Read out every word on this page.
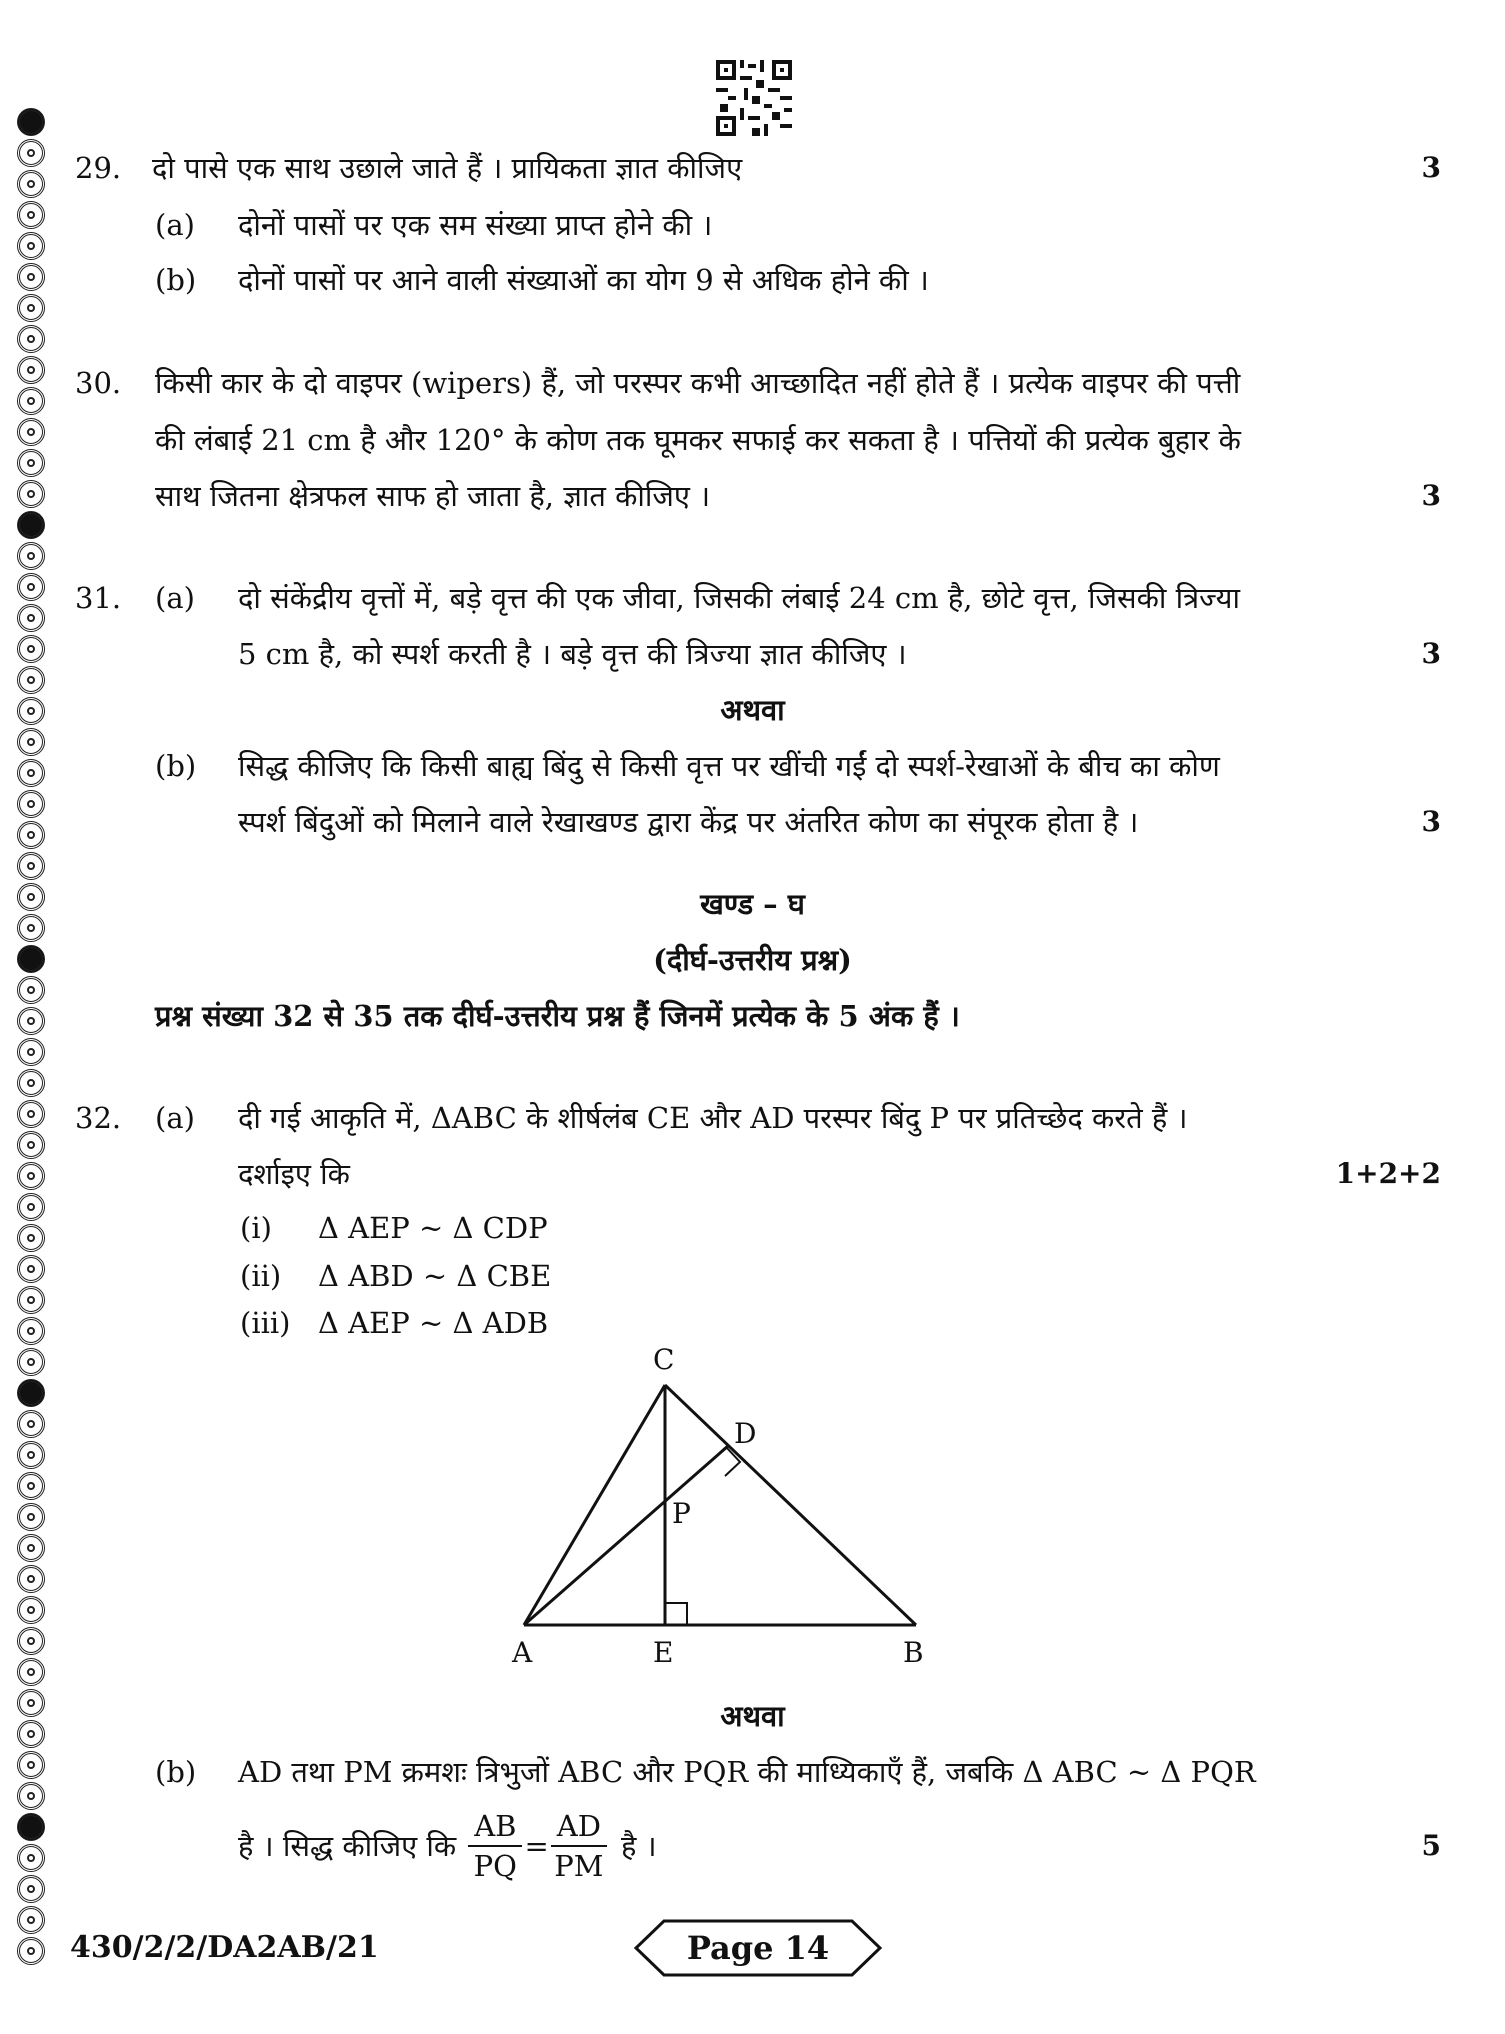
29. दो पासे एक साथ उछाले जाते हैं । प्रायिकता ज्ञात कीजिए	3
(a) दोनों पासों पर एक सम संख्या प्राप्त होने की ।
(b) दोनों पासों पर आने वाली संख्याओं का योग 9 से अधिक होने की ।
30. किसी कार के दो वाइपर (wipers) हैं, जो परस्पर कभी आच्छादित नहीं होते हैं । प्रत्येक वाइपर की पत्ती
की लंबाई 21 cm है और 120° के कोण तक घूमकर सफाई कर सकता है । पत्तियों की प्रत्येक बुहार के
साथ जितना क्षेत्रफल साफ हो जाता है, ज्ञात कीजिए ।	3
31. (a) दो संकेंद्रीय वृत्तों में, बड़े वृत्त की एक जीवा, जिसकी लंबाई 24 cm है, छोटे वृत्त, जिसकी त्रिज्या
5 cm है, को स्पर्श करती है । बड़े वृत्त की त्रिज्या ज्ञात कीजिए ।	3
अथवा
(b) सिद्ध कीजिए कि किसी बाह्य बिंदु से किसी वृत्त पर खींची गईं दो स्पर्श-रेखाओं के बीच का कोण
स्पर्श बिंदुओं को मिलाने वाले रेखाखण्ड द्वारा केंद्र पर अंतरित कोण का संपूरक होता है ।	3
खण्ड – घ
(दीर्घ-उत्तरीय प्रश्न)
प्रश्न संख्या 32 से 35 तक दीर्घ-उत्तरीय प्रश्न हैं जिनमें प्रत्येक के 5 अंक हैं ।
32. (a) दी गई आकृति में, ΔABC के शीर्षलंब CE और AD परस्पर बिंदु P पर प्रतिच्छेद करते हैं ।
दर्शाइए कि	1+2+2
(i) Δ AEP ~ Δ CDP
(ii) Δ ABD ~ Δ CBE
(iii) Δ AEP ~ Δ ADB
C
D
P
A	E	B
अथवा
(b) AD तथा PM क्रमशः त्रिभुजों ABC और PQR की माध्यिकाएँ हैं, जबकि Δ ABC ~ Δ PQR
है । सिद्ध कीजिए कि $\frac{AB}{PQ} = \frac{AD}{PM}$ है ।	5
430/2/2/DA2AB/21	Page 14
